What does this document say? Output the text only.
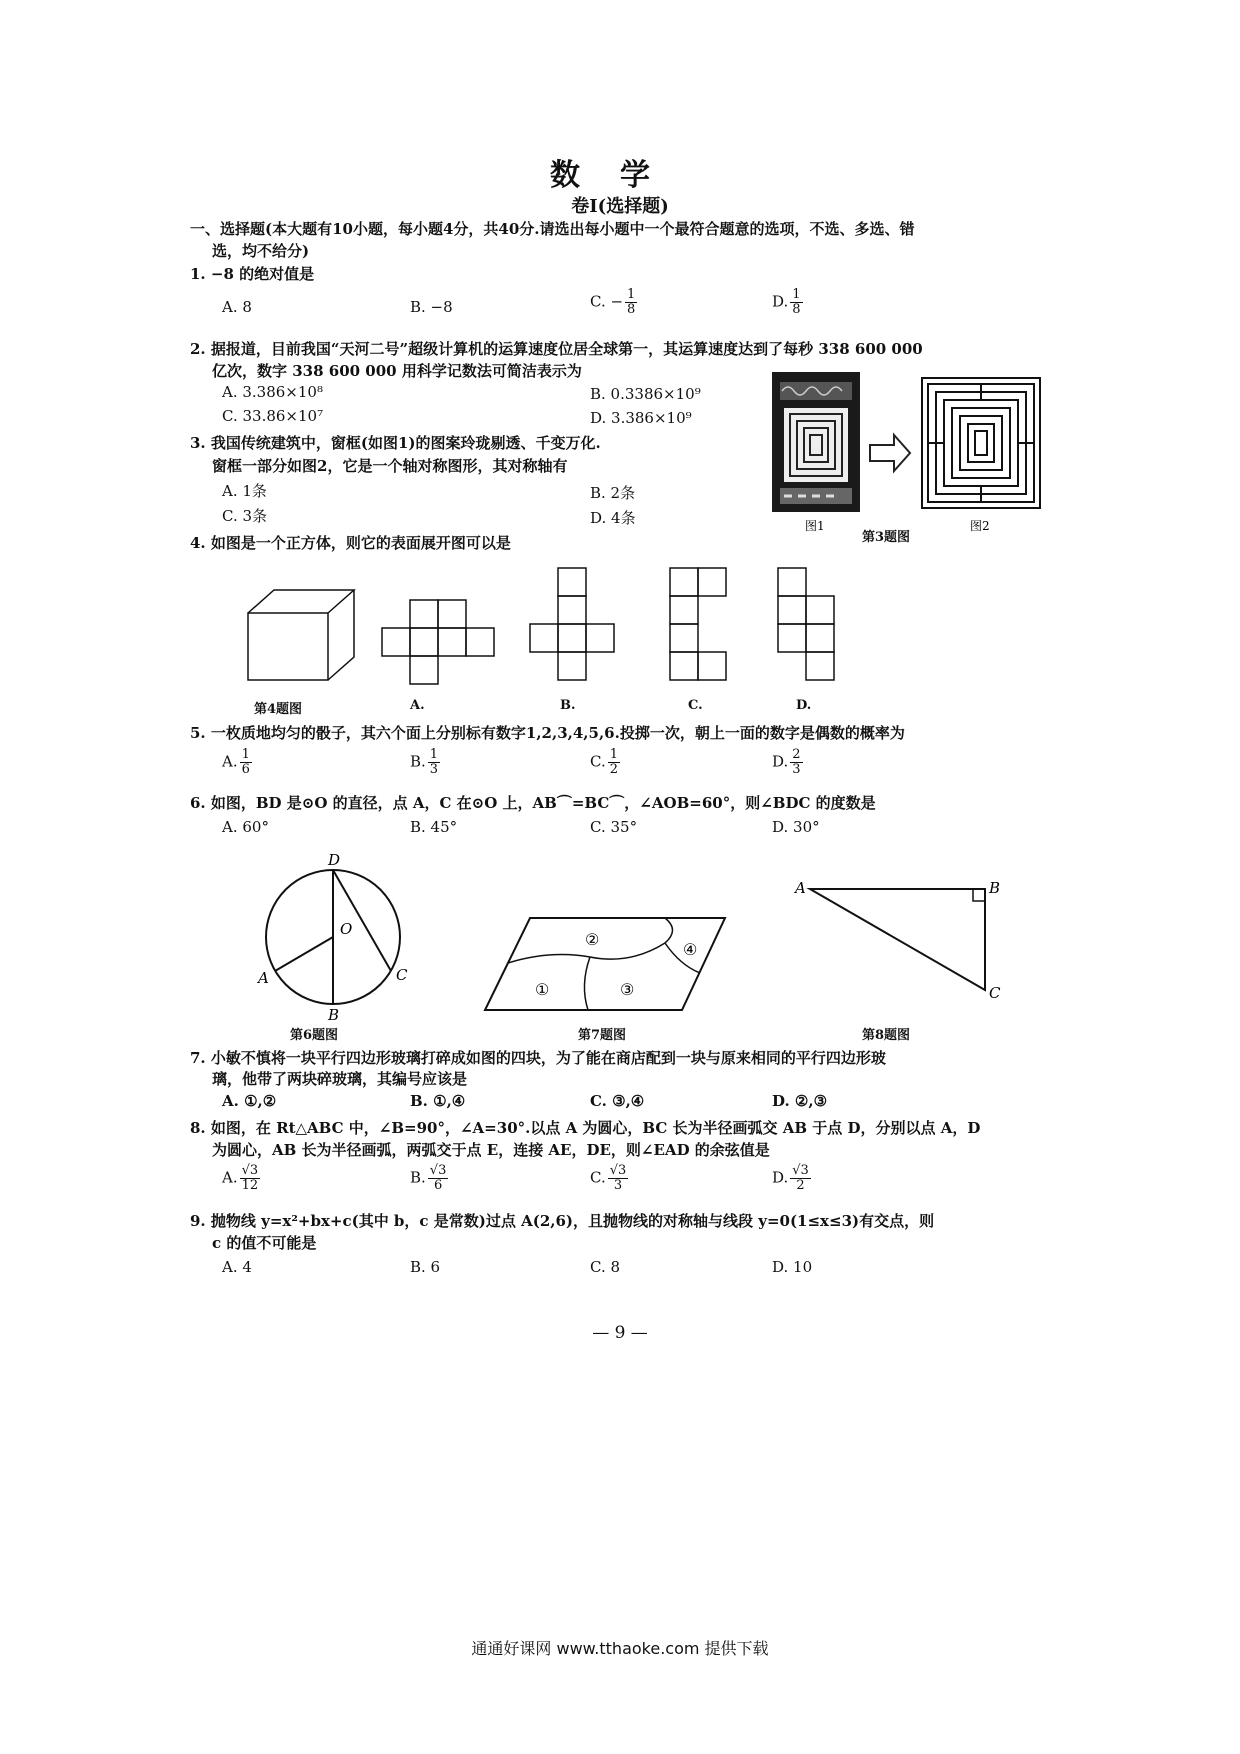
数学
卷Ⅰ(选择题)
一、选择题(本大题有10小题，每小题4分，共40分.请选出每小题中一个最符合题意的选项，不选、多选、错
选，均不给分)
1. −8 的绝对值是
A. 8	B. −8	C. − $\frac{1}{8}$	D. $\frac{1}{8}$
2. 据报道，目前我国“天河二号”超级计算机的运算速度位居全球第一，其运算速度达到了每秒 338 600 000
亿次，数字 338 600 000 用科学记数法可简洁表示为
A. 3.386×10⁸	B. 0.3386×10⁹
C. 33.86×10⁷	D. 3.386×10⁹
3. 我国传统建筑中，窗框(如图1)的图案玲珑剔透、千变万化.
窗框一部分如图2，它是一个轴对称图形，其对称轴有
A. 1条	B. 2条
C. 3条	D. 4条	图1	图2
第3题图
4. 如图是一个正方体，则它的表面展开图可以是
第4题图	A.	B.	C.	D.
5. 一枚质地均匀的骰子，其六个面上分别标有数字1,2,3,4,5,6.投掷一次，朝上一面的数字是偶数的概率为
A. $\frac{1}{6}$	B. $\frac{1}{3}$	C. $\frac{1}{2}$	D. $\frac{2}{3}$
6. 如图，BD 是⊙O 的直径，点 A，C 在⊙O 上，AB⌒=BC⌒，∠AOB=60°，则∠BDC 的度数是
A. 60°	B. 45°	C. 35°	D. 30°
D
O
A	C
B
第6题图
②
④
①	③
第7题图
A	B
C
第8题图
7. 小敏不慎将一块平行四边形玻璃打碎成如图的四块，为了能在商店配到一块与原来相同的平行四边形玻
璃，他带了两块碎玻璃，其编号应该是
A. ①,②	B. ①,④	C. ③,④	D. ②,③
8. 如图，在 Rt△ABC 中，∠B=90°，∠A=30°.以点 A 为圆心，BC 长为半径画弧交 AB 于点 D，分别以点 A，D
为圆心，AB 长为半径画弧，两弧交于点 E，连接 AE，DE，则∠EAD 的余弦值是
A. $\frac{√3}{12}$	B. $\frac{√3}{6}$	C. $\frac{√3}{3}$	D. $\frac{√3}{2}$
9. 抛物线 y=x²+bx+c(其中 b，c 是常数)过点 A(2,6)，且抛物线的对称轴与线段 y=0(1≤x≤3)有交点，则
c 的值不可能是
A. 4	B. 6	C. 8	D. 10
— 9 —
通通好课网 www.tthaoke.com 提供下载
